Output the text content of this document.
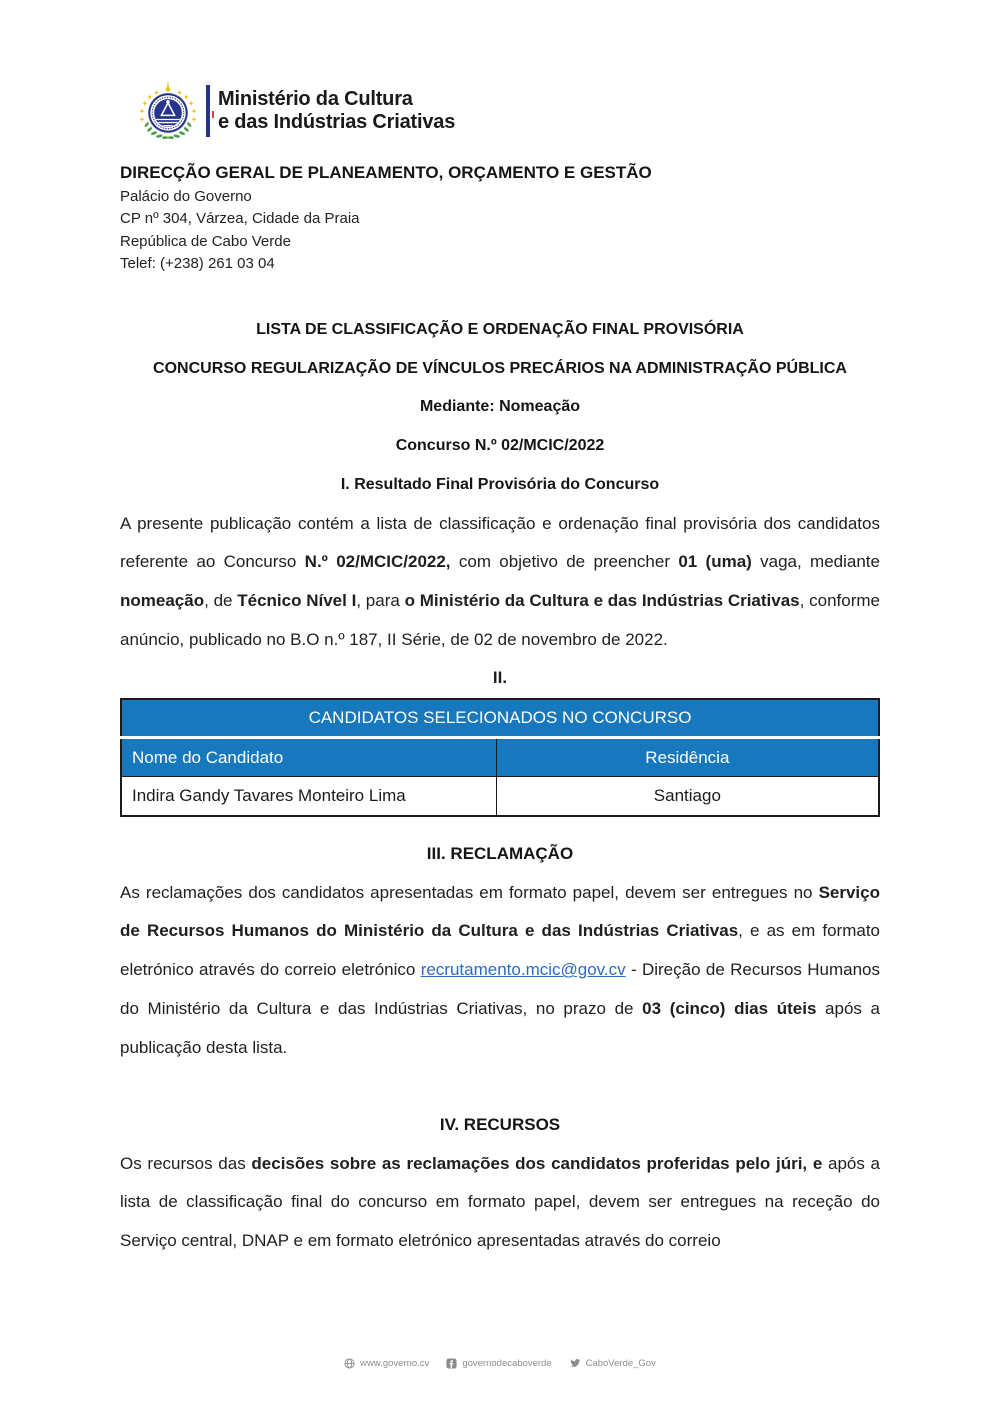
Ministério da Cultura
e das Indústrias Criativas
DIRECÇÃO GERAL DE PLANEAMENTO, ORÇAMENTO E GESTÃO
Palácio do Governo
CP nº 304, Várzea, Cidade da Praia
República de Cabo Verde
Telef: (+238) 261 03 04
LISTA DE CLASSIFICAÇÃO E ORDENAÇÃO FINAL PROVISÓRIA
CONCURSO REGULARIZAÇÃO DE VÍNCULOS PRECÁRIOS NA ADMINISTRAÇÃO PÚBLICA
Mediante: Nomeação
Concurso N.º 02/MCIC/2022
I. Resultado Final Provisória do Concurso

A presente publicação contém a lista de classificação e ordenação final provisória dos candidatos referente ao Concurso N.º 02/MCIC/2022, com objetivo de preencher 01 (uma) vaga, mediante nomeação, de Técnico Nível I, para o Ministério da Cultura e das Indústrias Criativas, conforme anúncio, publicado no B.O n.º 187, II Série, de 02 de novembro de 2022.

II.
CANDIDATOS SELECIONADOS NO CONCURSO	
Nome do Candidato	Residência
Indira Gandy Tavares Monteiro Lima	Santiago
III. RECLAMAÇÃO

As reclamações dos candidatos apresentadas em formato papel, devem ser entregues no Serviço de Recursos Humanos do Ministério da Cultura e das Indústrias Criativas, e as em formato eletrónico através do correio eletrónico recrutamento.mcic@gov.cv - Direção de Recursos Humanos do Ministério da Cultura e das Indústrias Criativas, no prazo de 03 (cinco) dias úteis após a publicação desta lista.

IV. RECURSOS

Os recursos das decisões sobre as reclamações dos candidatos proferidas pelo júri, e após a lista de classificação final do concurso em formato papel, devem ser entregues na receção do Serviço central, DNAP e em formato eletrónico apresentadas através do correio

www.governo.cv	governodecaboverde	CaboVerde_Gov
